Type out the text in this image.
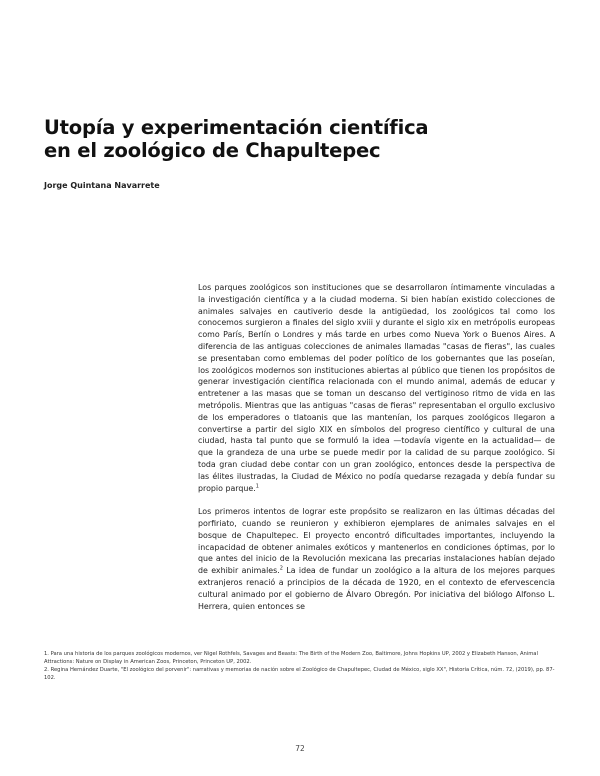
Utopía y experimentación científica
en el zoológico de Chapultepec

Jorge Quintana Navarrete

Los parques zoológicos son instituciones que se desarrollaron íntimamente vinculadas a la investigación científica y a la ciudad moderna. Si bien habían existido colecciones de animales salvajes en cautiverio desde la antigüedad, los zoológicos tal como los conocemos surgieron a finales del siglo xviii y durante el siglo xix en metrópolis europeas como París, Berlín o Londres y más tarde en urbes como Nueva York o Buenos Aires. A diferencia de las antiguas colecciones de animales llamadas "casas de fieras", las cuales se presentaban como emblemas del poder político de los gobernantes que las poseían, los zoológicos modernos son instituciones abiertas al público que tienen los propósitos de generar investigación científica relacionada con el mundo animal, además de educar y entretener a las masas que se toman un descanso del vertiginoso ritmo de vida en las metrópolis. Mientras que las antiguas "casas de fieras" representaban el orgullo exclusivo de los emperadores o tlatoanis que las mantenían, los parques zoológicos llegaron a convertirse a partir del siglo XIX en símbolos del progreso científico y cultural de una ciudad, hasta tal punto que se formuló la idea —todavía vigente en la actualidad— de que la grandeza de una urbe se puede medir por la calidad de su parque zoológico. Si toda gran ciudad debe contar con un gran zoológico, entonces desde la perspectiva de las élites ilustradas, la Ciudad de México no podía quedarse rezagada y debía fundar su propio parque.$^1$

Los primeros intentos de lograr este propósito se realizaron en las últimas décadas del porfiriato, cuando se reunieron y exhibieron ejemplares de animales salvajes en el bosque de Chapultepec. El proyecto encontró dificultades importantes, incluyendo la incapacidad de obtener animales exóticos y mantenerlos en condiciones óptimas, por lo que antes del inicio de la Revolución mexicana las precarias instalaciones habían dejado de exhibir animales.$^2$ La idea de fundar un zoológico a la altura de los mejores parques extranjeros renació a principios de la década de 1920, en el contexto de efervescencia cultural animado por el gobierno de Álvaro Obregón. Por iniciativa del biólogo Alfonso L. Herrera, quien entonces se

1. Para una historia de los parques zoológicos modernos, ver Nigel Rothfels, Savages and Beasts: The Birth of the Modern Zoo, Baltimore, Johns Hopkins UP, 2002 y Elizabeth Hanson, Animal Attractions: Nature on Display in American Zoos, Princeton, Princeton UP, 2002.

2. Regina Hernández Duarte, "El zoológico del porvenir": narrativas y memorias de nación sobre el Zoológico de Chapultepec, Ciudad de México, siglo XX", Historia Crítica, núm. 72, (2019), pp. 87-102.

72
